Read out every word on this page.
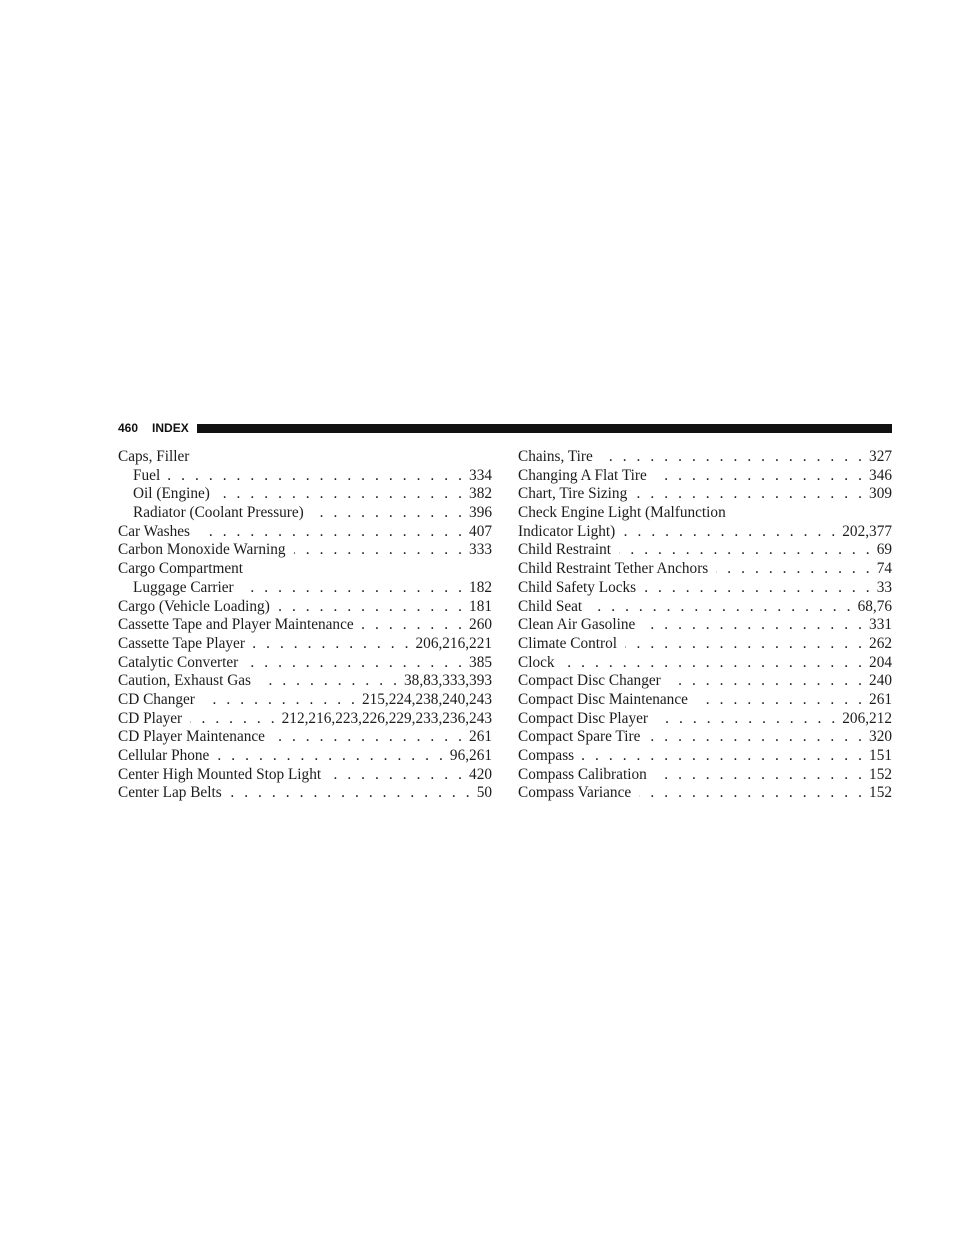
460 INDEX
Caps, Filler
Fuel . . .	334
Oil (Engine) . . .	382
Radiator (Coolant Pressure) . . .	396
Car Washes . . .	407
Carbon Monoxide Warning . . .	333
Cargo Compartment
Luggage Carrier . . .	182
Cargo (Vehicle Loading) . . .	181
Cassette Tape and Player Maintenance . . .	260
Cassette Tape Player . . .	206,216,221
Catalytic Converter . . .	385
Caution, Exhaust Gas . . .	38,83,333,393
CD Changer . . .	215,224,238,240,243
CD Player . . .	212,216,223,226,229,233,236,243
CD Player Maintenance . . .	261
Cellular Phone . . .	96,261
Center High Mounted Stop Light . . .	420
Center Lap Belts . . .	50
Chains, Tire . . .	327
Changing A Flat Tire . . .	346
Chart, Tire Sizing . . .	309
Check Engine Light (Malfunction
Indicator Light) . . .	202,377
Child Restraint . . .	69
Child Restraint Tether Anchors . . .	74
Child Safety Locks . . .	33
Child Seat . . .	68,76
Clean Air Gasoline . . .	331
Climate Control . . .	262
Clock . . .	204
Compact Disc Changer . . .	240
Compact Disc Maintenance . . .	261
Compact Disc Player . . .	206,212
Compact Spare Tire . . .	320
Compass . . .	151
Compass Calibration . . .	152
Compass Variance . . .	152
